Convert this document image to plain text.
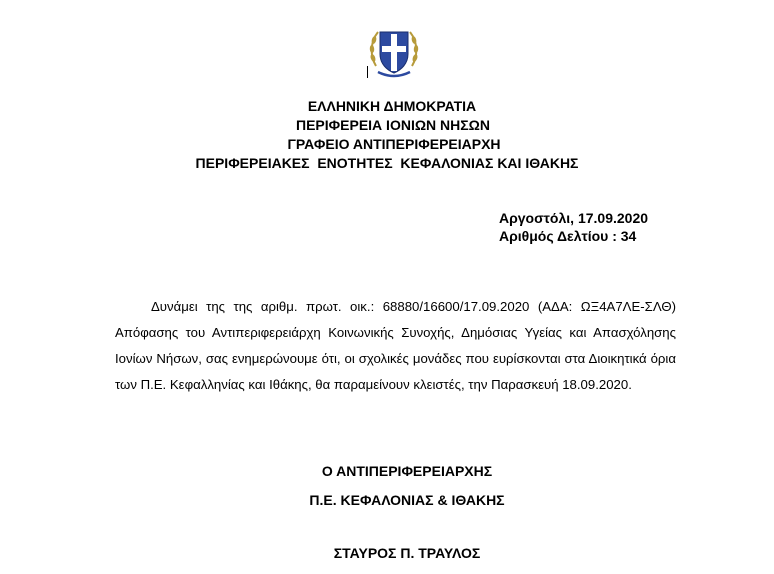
ΕΛΛΗΝΙΚΗ ΔΗΜΟΚΡΑΤΙΑ
ΠΕΡΙΦΕΡΕΙΑ ΙΟΝΙΩΝ ΝΗΣΩΝ
ΓΡΑΦΕΙΟ ΑΝΤΙΠΕΡΙΦΕΡΕΙΑΡΧΗ
ΠΕΡΙΦΕΡΕΙΑΚΕΣ  ΕΝΟΤΗΤΕΣ  ΚΕΦΑΛΟΝΙΑΣ ΚΑΙ ΙΘΑΚΗΣ
Αργοστόλι, 17.09.2020
Αριθμός Δελτίου : 34

Δυνάμει της της αριθμ. πρωτ. οικ.: 68880/16600/17.09.2020 (ΑΔΑ: ΩΞ4Α7ΛΕ-ΣΛΘ) Απόφασης του Αντιπεριφερειάρχη Κοινωνικής Συνοχής, Δημόσιας Υγείας και Απασχόλησης Ιονίων Νήσων, σας ενημερώνουμε ότι, οι σχολικές μονάδες που ευρίσκονται στα Διοικητικά όρια των Π.Ε. Κεφαλληνίας και Ιθάκης, θα παραμείνουν κλειστές, την Παρασκευή 18.09.2020.

Ο ΑΝΤΙΠΕΡΙΦΕΡΕΙΑΡΧΗΣ
Π.Ε. ΚΕΦΑΛΟΝΙΑΣ & ΙΘΑΚΗΣ
ΣΤΑΥΡΟΣ Π. ΤΡΑΥΛΟΣ
